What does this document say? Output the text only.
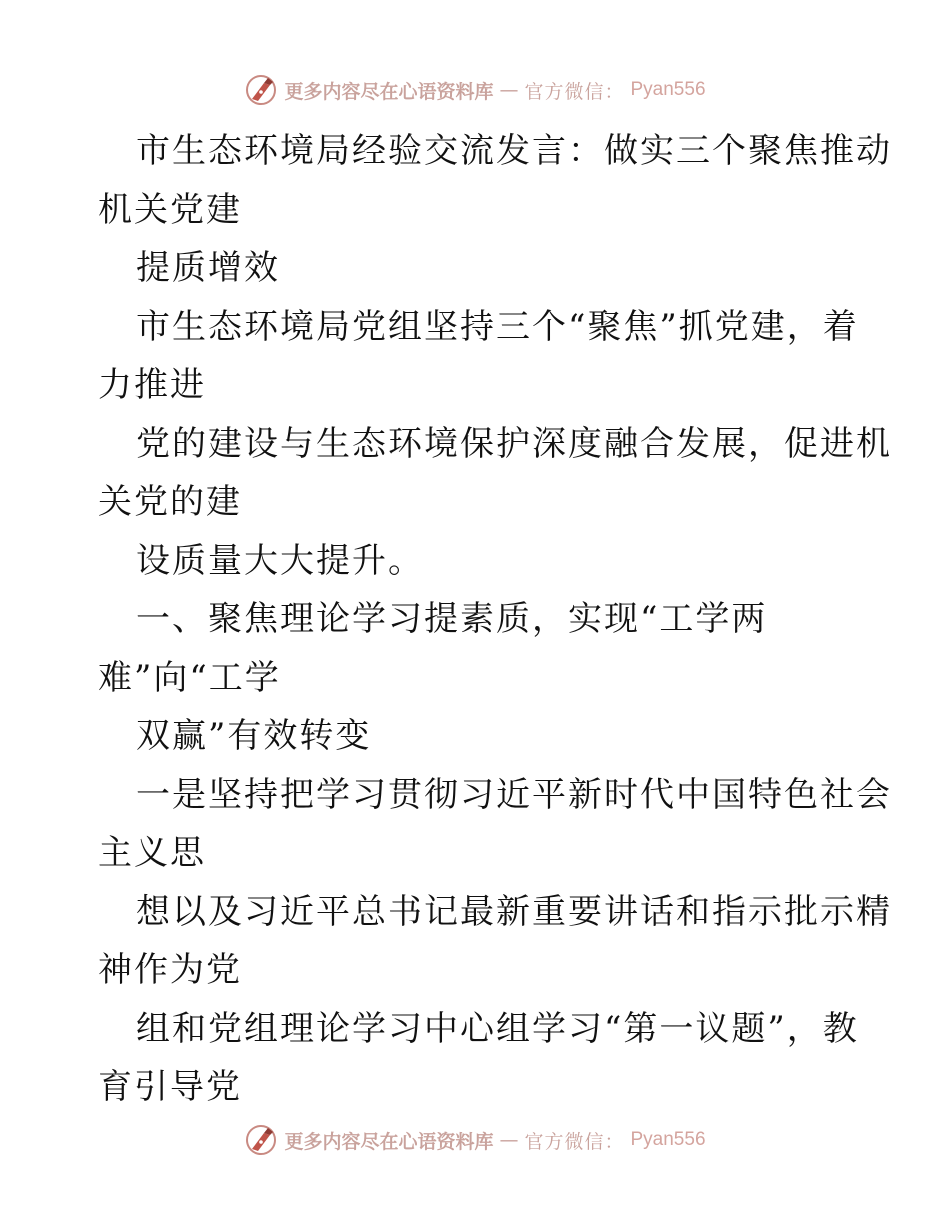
更多内容尽在心语资料库 — 官方微信： Pyan556
市生态环境局经验交流发言：做实三个聚焦推动
机关党建
提质增效
市生态环境局党组坚持三个“聚焦”抓党建，着
力推进
党的建设与生态环境保护深度融合发展，促进机
关党的建
设质量大大提升。
一、聚焦理论学习提素质，实现“工学两
难”向“工学
双赢”有效转变
一是坚持把学习贯彻习近平新时代中国特色社会
主义思
想以及习近平总书记最新重要讲话和指示批示精
神作为党
组和党组理论学习中心组学习“第一议题”，教
育引导党
更多内容尽在心语资料库 — 官方微信： Pyan556
